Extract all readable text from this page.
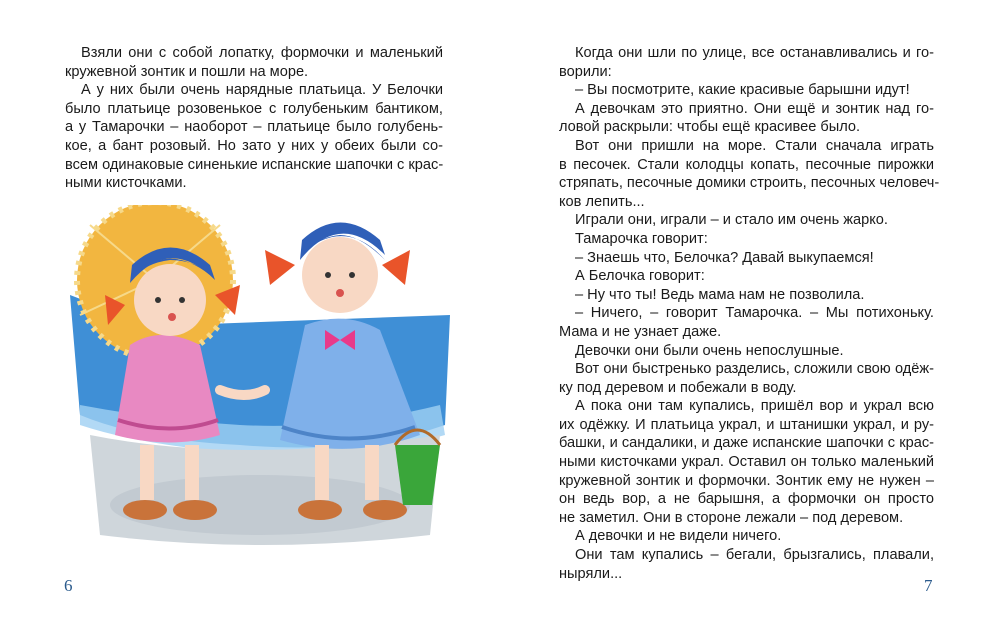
Взяли они с собой лопатку, формочки и маленький
кружевной зонтик и пошли на море.
А у них были очень нарядные платьица. У Белочки
было платьице розовенькое с голубеньким бантиком,
а у Тамарочки – наоборот – платьице было голубень-
кое, а бант розовый. Но зато у них у обеих были со-
всем одинаковые синенькие испанские шапочки с крас-
ными кисточками.
6
Когда они шли по улице, все останавливались и го-
ворили:
– Вы посмотрите, какие красивые барышни идут!
А девочкам это приятно. Они ещё и зонтик над го-
ловой раскрыли: чтобы ещё красивее было.
Вот они пришли на море. Стали сначала играть
в песочек. Стали колодцы копать, песочные пирожки
стряпать, песочные домики строить, песочных человеч-
ков лепить...
Играли они, играли – и стало им очень жарко.
Тамарочка говорит:
– Знаешь что, Белочка? Давай выкупаемся!
А Белочка говорит:
– Ну что ты! Ведь мама нам не позволила.
– Ничего, – говорит Тамарочка. – Мы потихоньку.
Мама и не узнает даже.
Девочки они были очень непослушные.
Вот они быстренько разделись, сложили свою одёж-
ку под деревом и побежали в воду.
А пока они там купались, пришёл вор и украл всю
их одёжку. И платьица украл, и штанишки украл, и ру-
башки, и сандалики, и даже испанские шапочки с крас-
ными кисточками украл. Оставил он только маленький
кружевной зонтик и формочки. Зонтик ему не нужен –
он ведь вор, а не барышня, а формочки он просто
не заметил. Они в стороне лежали – под деревом.
А девочки и не видели ничего.
Они там купались – бегали, брызгались, плавали,
ныряли...
7
